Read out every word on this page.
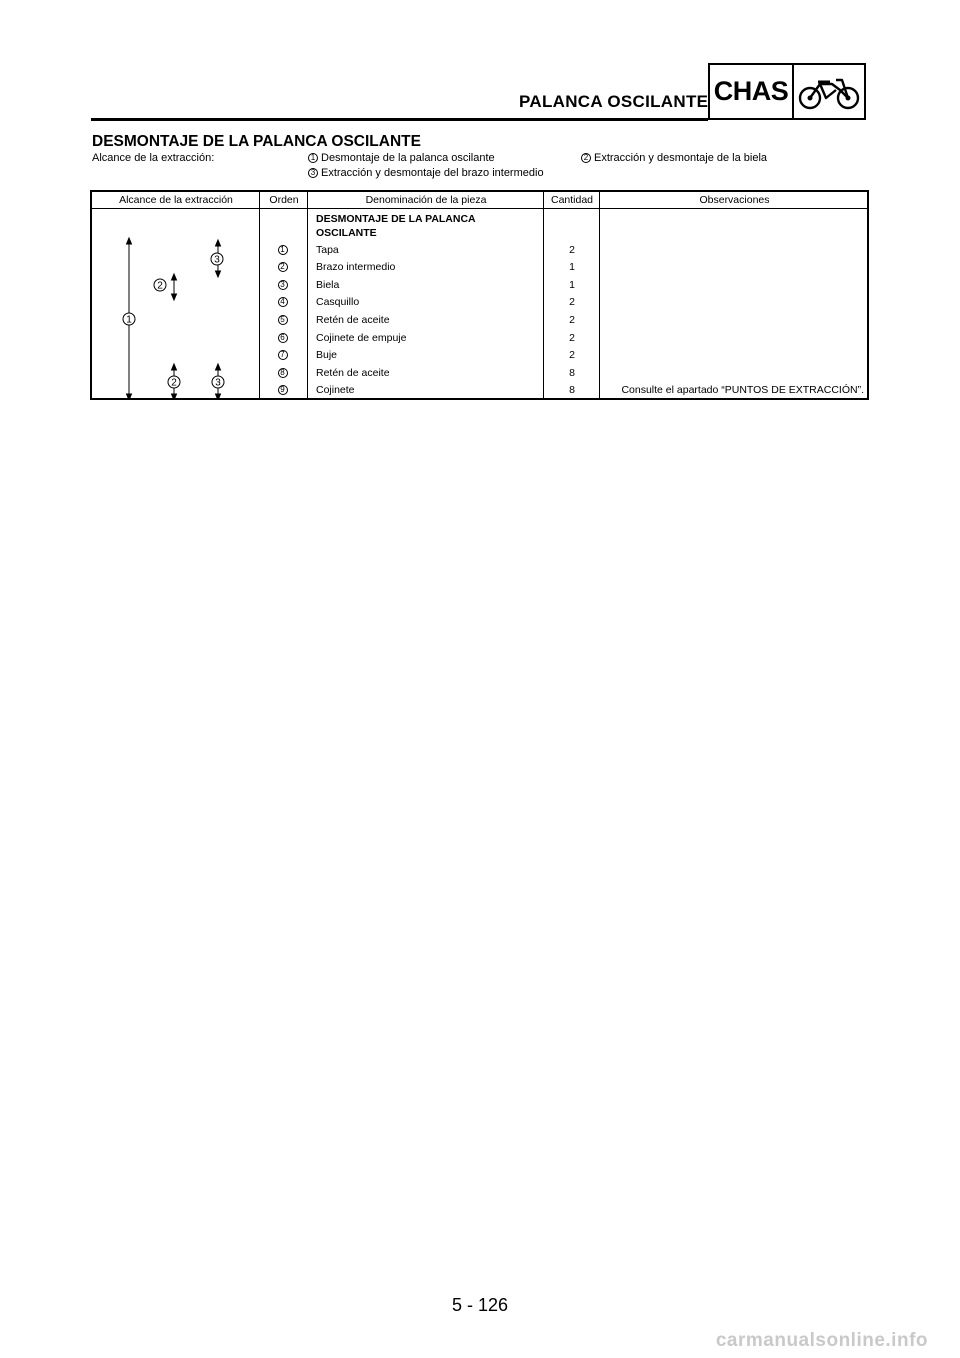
PALANCA OSCILANTE CHAS
DESMONTAJE DE LA PALANCA OSCILANTE
Alcance de la extracción:	1 Desmontaje de la palanca oscilante	2 Extracción y desmontaje de la biela
3 Extracción y desmontaje del brazo intermedio
Alcance de la extracción	Orden	Denominación de la pieza	Cantidad	Observaciones
DESMONTAJE DE LA PALANCA
OSCILANTE
1	Tapa	2
2	Brazo intermedio	1
3	Biela	1
4	Casquillo	2
5	Retén de aceite	2
6	Cojinete de empuje	2
7	Buje	2
8	Retén de aceite	8
9	Cojinete	8	Consulte el apartado “PUNTOS DE EXTRACCIÓN”.
1
3
2
2	3
5 - 126
carmanualsonline.info
